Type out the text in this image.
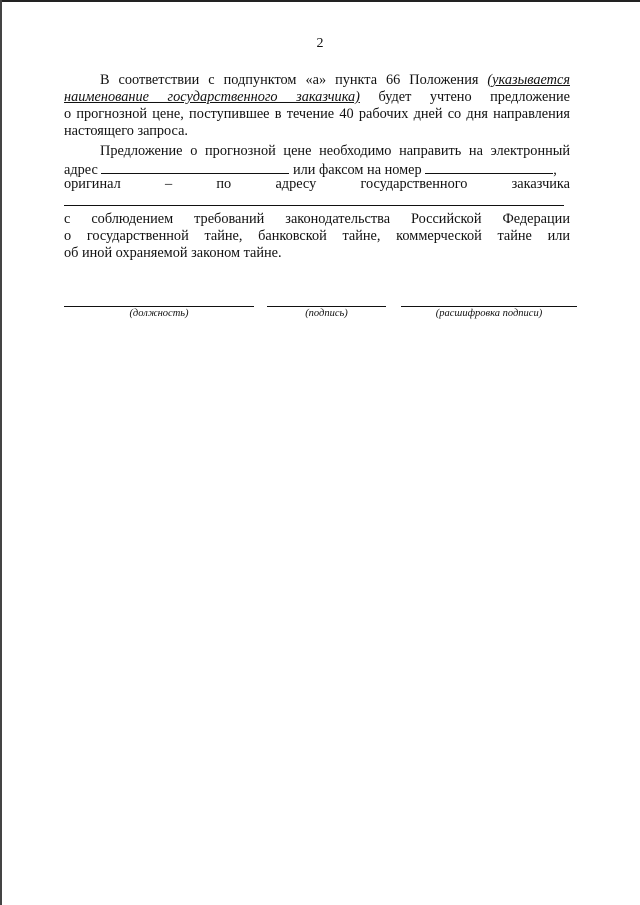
2
В соответствии с подпунктом «а» пункта 66 Положения (указывается
наименование государственного заказчика) будет учтено предложение
о прогнозной цене, поступившее в течение 40 рабочих дней со дня направления
настоящего запроса.
Предложение о прогнозной цене необходимо направить на электронный
адрес	или факсом на номер	,
оригинал	–	по	адресу	государственного	заказчика
с соблюдением требований законодательства Российской Федерации
о государственной тайне, банковской тайне, коммерческой тайне или
об иной охраняемой законом тайне.
(должность)	(подпись)	(расшифровка подписи)
